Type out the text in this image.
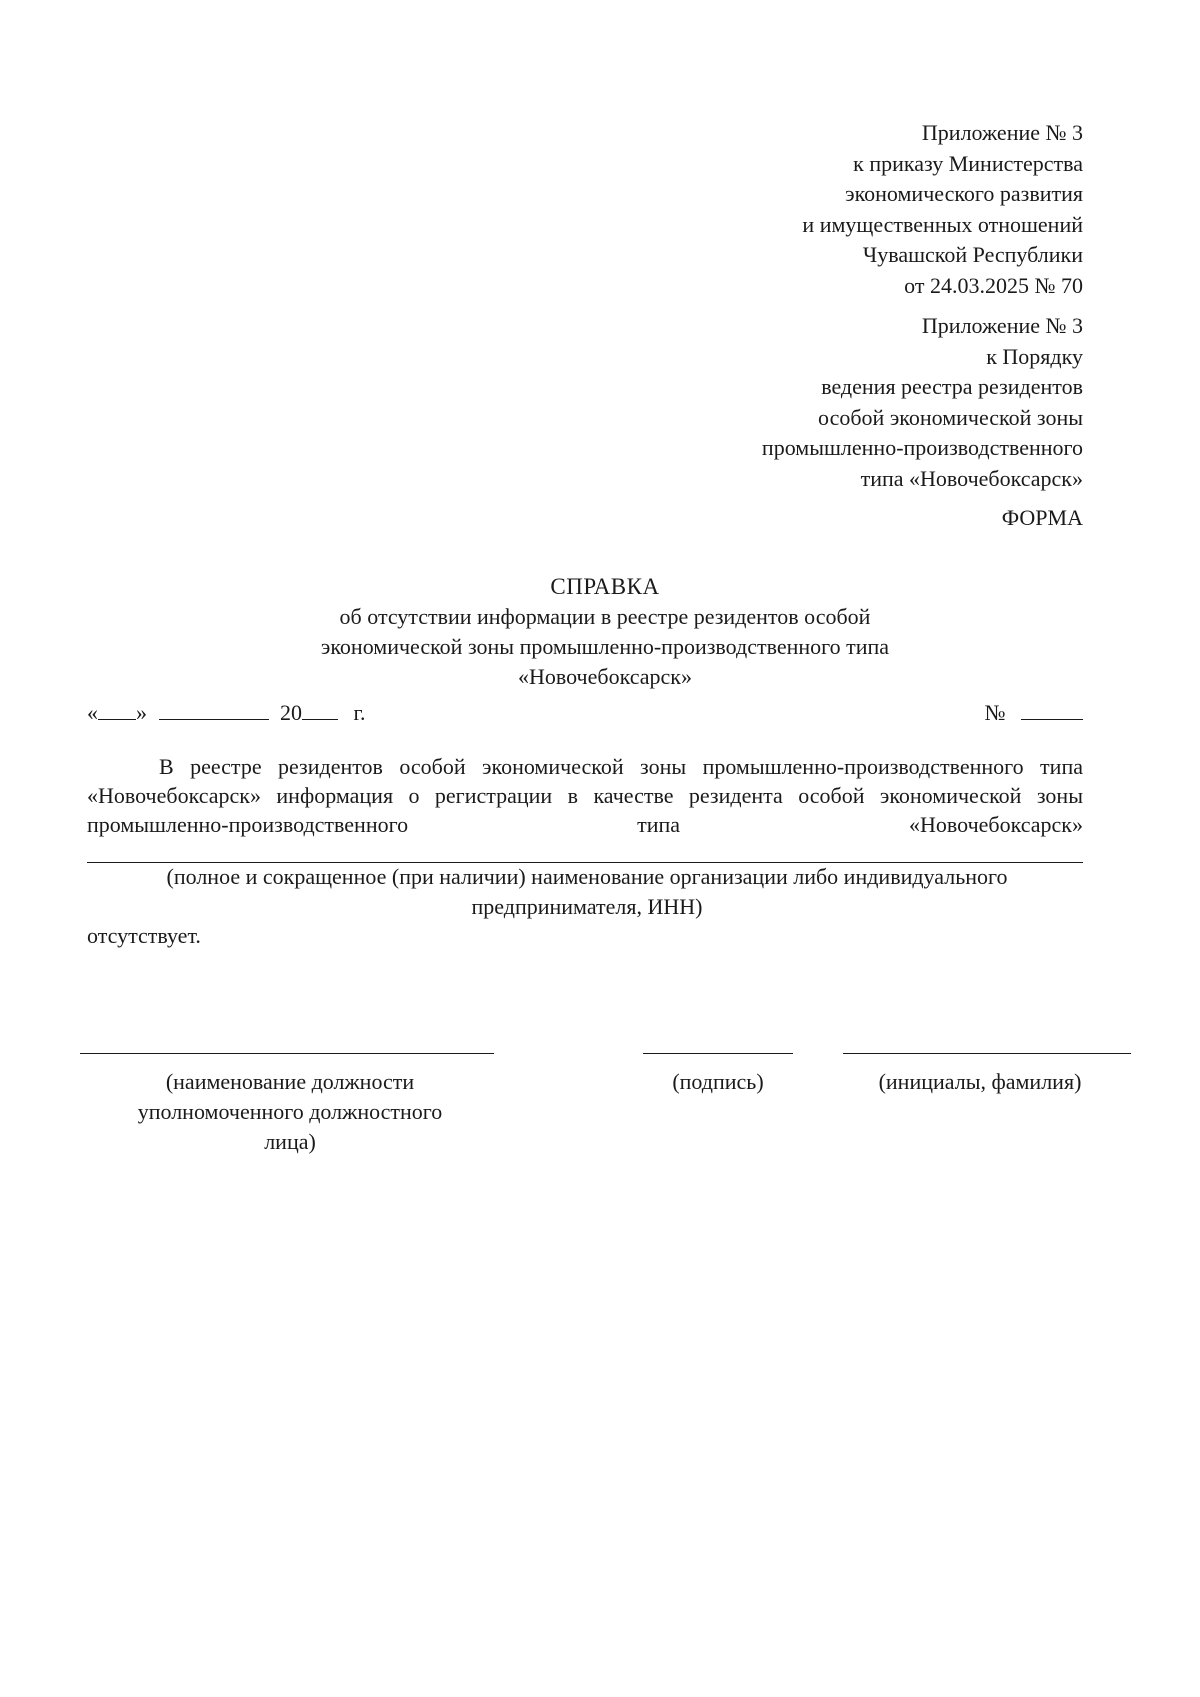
Приложение № 3
к приказу Министерства
экономического развития
и имущественных отношений
Чувашской Республики
от 24.03.2025 № 70
Приложение № 3
к Порядку
ведения реестра резидентов
особой экономической зоны
промышленно-производственного
типа «Новочебоксарск»
ФОРМА
СПРАВКА
об отсутствии информации в реестре резидентов особой
экономической зоны промышленно-производственного типа
«Новочебоксарск»
« »	20 г.	№
В реестре резидентов особой экономической зоны промышленно-производственного типа
«Новочебоксарск» информация о регистрации в качестве резидента особой экономической зоны
промышленно-производственного типа «Новочебоксарск»
(полное и сокращенное (при наличии) наименование организации либо индивидуального
предпринимателя, ИНН)
отсутствует.
(наименование должности
уполномоченного должностного
лица)
(подпись)	(инициалы, фамилия)
